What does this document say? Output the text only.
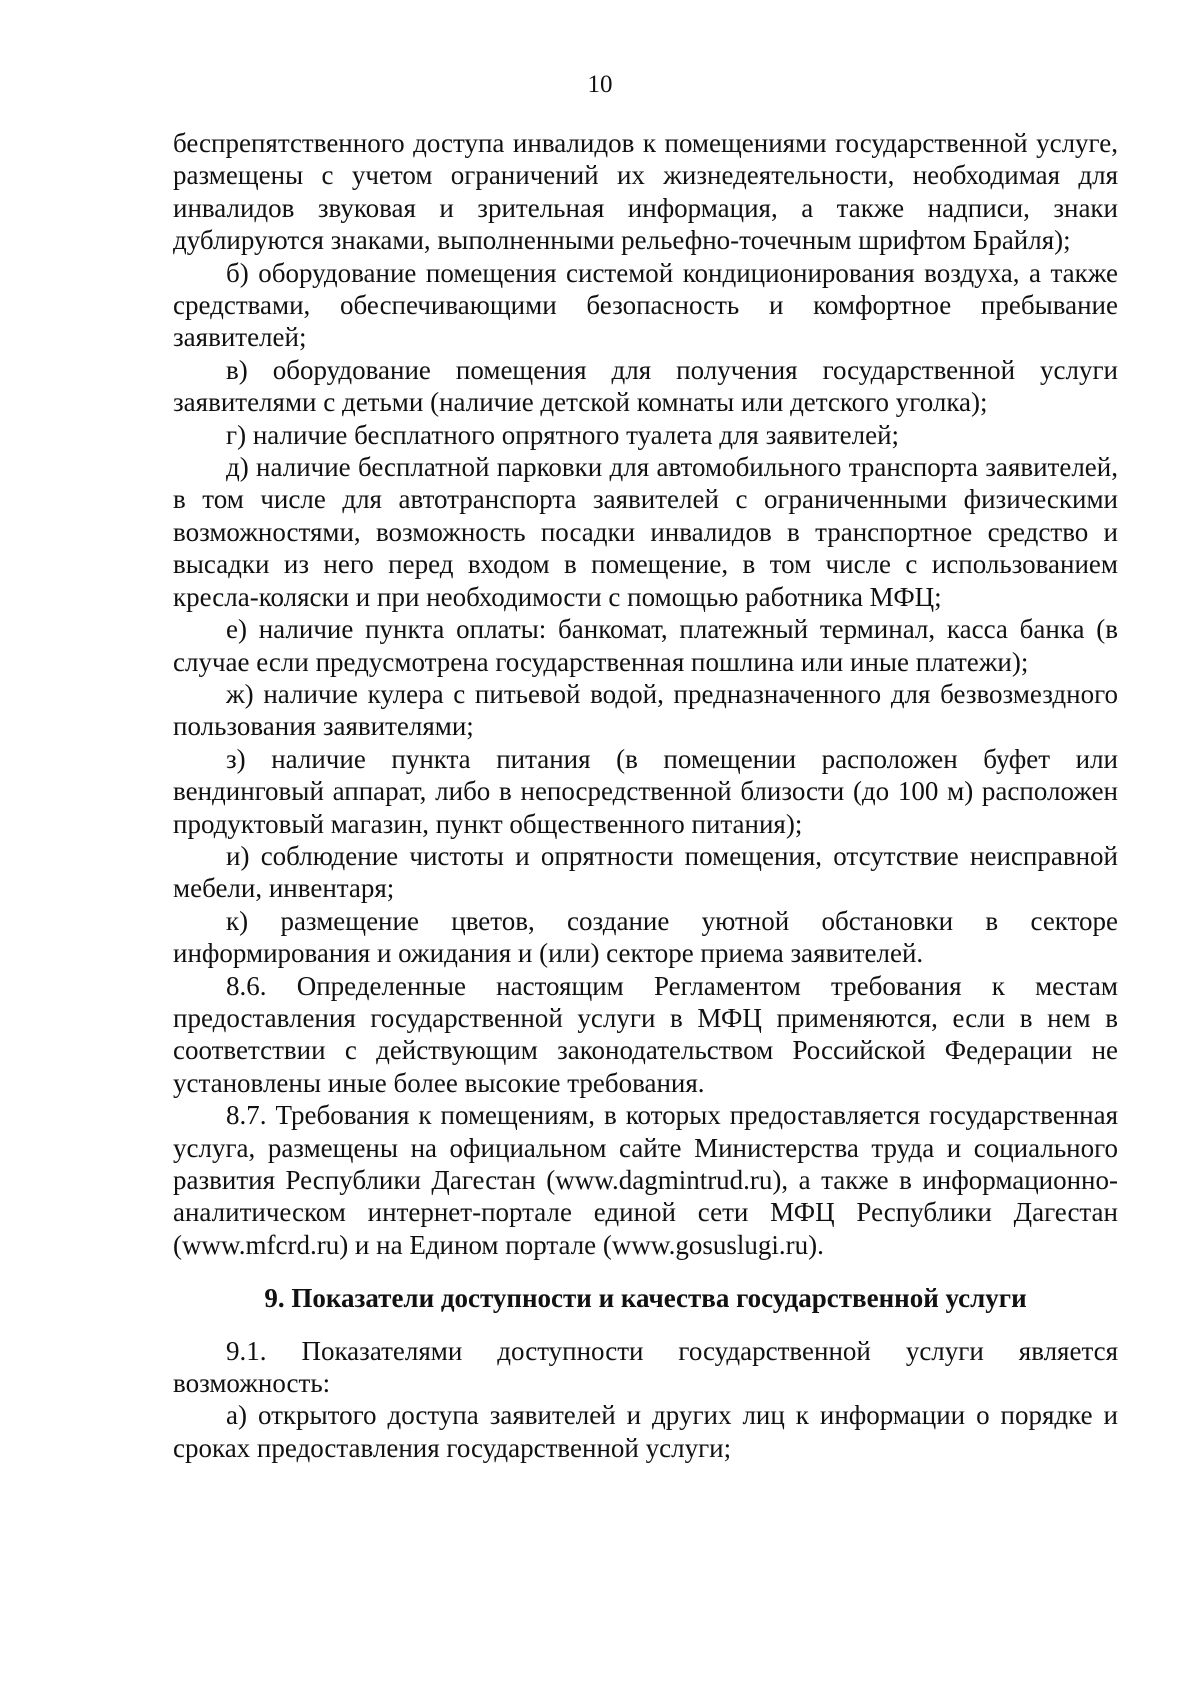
10

беспрепятственного доступа инвалидов к помещениями государственной услуге, размещены с учетом ограничений их жизнедеятельности, необходимая для инвалидов звуковая и зрительная информация, а также надписи, знаки дублируются знаками, выполненными рельефно-точечным шрифтом Брайля);

б) оборудование помещения системой кондиционирования воздуха, а также средствами, обеспечивающими безопасность и комфортное пребывание заявителей;

в) оборудование помещения для получения государственной услуги заявителями с детьми (наличие детской комнаты или детского уголка);

г) наличие бесплатного опрятного туалета для заявителей;

д) наличие бесплатной парковки для автомобильного транспорта заявителей, в том числе для автотранспорта заявителей с ограниченными физическими возможностями, возможность посадки инвалидов в транспортное средство и высадки из него перед входом в помещение, в том числе с использованием кресла-коляски и при необходимости с помощью работника МФЦ;

е) наличие пункта оплаты: банкомат, платежный терминал, касса банка (в случае если предусмотрена государственная пошлина или иные платежи);

ж) наличие кулера с питьевой водой, предназначенного для безвозмездного пользования заявителями;

з) наличие пункта питания (в помещении расположен буфет или вендинговый аппарат, либо в непосредственной близости (до 100 м) расположен продуктовый магазин, пункт общественного питания);

и) соблюдение чистоты и опрятности помещения, отсутствие неисправной мебели, инвентаря;

к) размещение цветов, создание уютной обстановки в секторе информирования и ожидания и (или) секторе приема заявителей.

8.6. Определенные настоящим Регламентом требования к местам предоставления государственной услуги в МФЦ применяются, если в нем в соответствии с действующим законодательством Российской Федерации не установлены иные более высокие требования.

8.7. Требования к помещениям, в которых предоставляется государственная услуга, размещены на официальном сайте Министерства труда и социального развития Республики Дагестан (www.dagmintrud.ru), а также в информационно-аналитическом интернет-портале единой сети МФЦ Республики Дагестан (www.mfcrd.ru) и на Едином портале (www.gosuslugi.ru).

9. Показатели доступности и качества государственной услуги

9.1. Показателями доступности государственной услуги является возможность:

а) открытого доступа заявителей и других лиц к информации о порядке и сроках предоставления государственной услуги;
